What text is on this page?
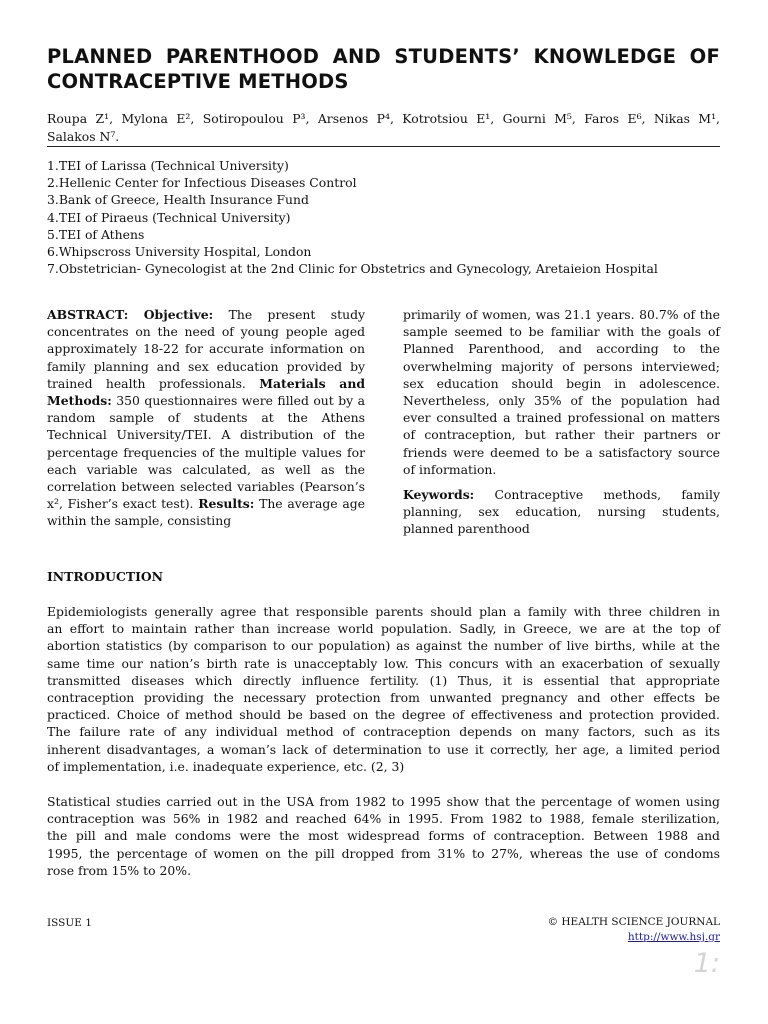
PLANNED PARENTHOOD AND STUDENTS’ KNOWLEDGE OF
CONTRACEPTIVE METHODS

Roupa Z¹, Mylona E², Sotiropoulou P³, Arsenos P⁴, Kotrotsiou E¹, Gourni M⁵, Faros E⁶, Nikas M¹,
Salakos N⁷.

1.TEI of Larissa (Technical University)
2.Hellenic Center for Infectious Diseases Control
3.Bank of Greece, Health Insurance Fund
4.TEI of Piraeus (Technical University)
5.TEI of Athens
6.Whipscross University Hospital, London
7.Obstetrician- Gynecologist at the 2nd Clinic for Obstetrics and Gynecology, Aretaieion Hospital

ABSTRACT: Objective: The present study concentrates on the need of young people aged approximately 18-22 for accurate information on family planning and sex education provided by trained health professionals. Materials and Methods: 350 questionnaires were filled out by a random sample of students at the Athens Technical University/TEI. A distribution of the percentage frequencies of the multiple values for each variable was calculated, as well as the correlation between selected variables (Pearson’s x², Fisher’s exact test). Results: The average age within the sample, consisting

primarily of women, was 21.1 years. 80.7% of the sample seemed to be familiar with the goals of Planned Parenthood, and according to the overwhelming majority of persons interviewed; sex education should begin in adolescence. Nevertheless, only 35% of the population had ever consulted a trained professional on matters of contraception, but rather their partners or friends were deemed to be a satisfactory source of information.

Keywords: Contraceptive methods, family planning, sex education, nursing students, planned parenthood

INTRODUCTION

Epidemiologists generally agree that responsible parents should plan a family with three children in
an effort to maintain rather than increase world population. Sadly, in Greece, we are at the top of
abortion statistics (by comparison to our population) as against the number of live births, while at the
same time our nation’s birth rate is unacceptably low. This concurs with an exacerbation of sexually
transmitted diseases which directly influence fertility. (1) Thus, it is essential that appropriate
contraception providing the necessary protection from unwanted pregnancy and other effects be
practiced. Choice of method should be based on the degree of effectiveness and protection provided.
The failure rate of any individual method of contraception depends on many factors, such as its
inherent disadvantages, a woman’s lack of determination to use it correctly, her age, a limited period
of implementation, i.e. inadequate experience, etc. (2, 3)

Statistical studies carried out in the USA from 1982 to 1995 show that the percentage of women using
contraception was 56% in 1982 and reached 64% in 1995. From 1982 to 1988, female sterilization,
the pill and male condoms were the most widespread forms of contraception. Between 1988 and
1995, the percentage of women on the pill dropped from 31% to 27%, whereas the use of condoms
rose from 15% to 20%.

ISSUE 1	© HEALTH SCIENCE JOURNAL
http://www.hsj.gr

1:
